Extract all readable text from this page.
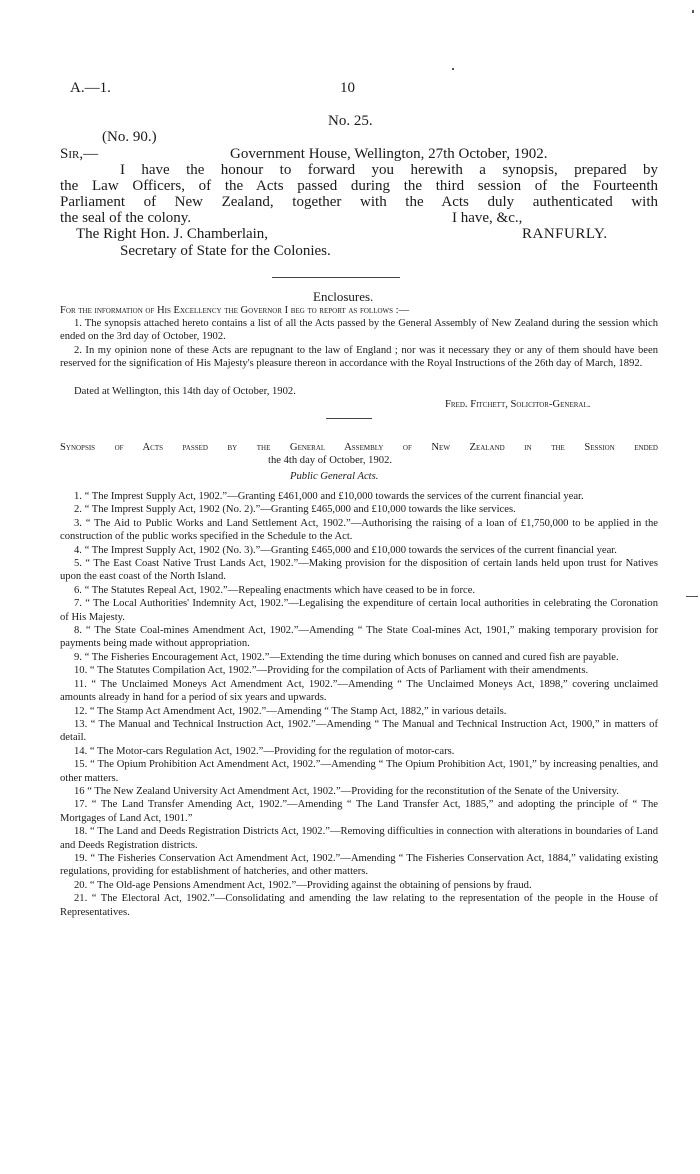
A.—1.	10
No. 25.
(No. 90.)
Sir,—	Government House, Wellington, 27th October, 1902.
I have the honour to forward you herewith a synopsis, prepared by
the Law Officers, of the Acts passed during the third session of the Fourteenth
Parliament of New Zealand, together with the Acts duly authenticated with
the seal of the colony.	I have, &c.,
The Right Hon. J. Chamberlain,	RANFURLY.
Secretary of State for the Colonies.
Enclosures.
For the information of His Excellency the Governor I beg to report as follows :—
1. The synopsis attached hereto contains a list of all the Acts passed by the General Assembly of New Zealand during the session which ended on the 3rd day of October, 1902.
2. In my opinion none of these Acts are repugnant to the law of England ; nor was it necessary they or any of them should have been reserved for the signification of His Majesty's pleasure thereon in accordance with the Royal Instructions of the 26th day of March, 1892.
Dated at Wellington, this 14th day of October, 1902.
Fred. Fitchett, Solicitor-General.
Synopsis of Acts passed by the General Assembly of New Zealand in the Session ended
the 4th day of October, 1902.
Public General Acts.
1. “ The Imprest Supply Act, 1902.”—Granting £461,000 and £10,000 towards the services of the current financial year.
2. “ The Imprest Supply Act, 1902 (No. 2).”—Granting £465,000 and £10,000 towards the like services.
3. “ The Aid to Public Works and Land Settlement Act, 1902.”—Authorising the raising of a loan of £1,750,000 to be applied in the construction of the public works specified in the Schedule to the Act.
4. “ The Imprest Supply Act, 1902 (No. 3).”—Granting £465,000 and £10,000 towards the services of the current financial year.
5. “ The East Coast Native Trust Lands Act, 1902.”—Making provision for the disposition of certain lands held upon trust for Natives upon the east coast of the North Island.
6. “ The Statutes Repeal Act, 1902.”—Repealing enactments which have ceased to be in force.
7. “ The Local Authorities' Indemnity Act, 1902.”—Legalising the expenditure of certain local authorities in celebrating the Coronation of His Majesty.
8. “ The State Coal-mines Amendment Act, 1902.”—Amending “ The State Coal-mines Act, 1901,” making temporary provision for payments being made without appropriation.
9. “ The Fisheries Encouragement Act, 1902.”—Extending the time during which bonuses on canned and cured fish are payable.
10. “ The Statutes Compilation Act, 1902.”—Providing for the compilation of Acts of Parliament with their amendments.
11. “ The Unclaimed Moneys Act Amendment Act, 1902.”—Amending “ The Unclaimed Moneys Act, 1898,” covering unclaimed amounts already in hand for a period of six years and upwards.
12. “ The Stamp Act Amendment Act, 1902.”—Amending “ The Stamp Act, 1882,” in various details.
13. “ The Manual and Technical Instruction Act, 1902.”—Amending “ The Manual and Technical Instruction Act, 1900,” in matters of detail.
14. “ The Motor-cars Regulation Act, 1902.”—Providing for the regulation of motor-cars.
15. “ The Opium Prohibition Act Amendment Act, 1902.”—Amending “ The Opium Prohibition Act, 1901,” by increasing penalties, and other matters.
16 “ The New Zealand University Act Amendment Act, 1902.”—Providing for the reconstitution of the Senate of the University.
17. “ The Land Transfer Amending Act, 1902.”—Amending “ The Land Transfer Act, 1885,” and adopting the principle of “ The Mortgages of Land Act, 1901.”
18. “ The Land and Deeds Registration Districts Act, 1902.”—Removing difficulties in connection with alterations in boundaries of Land and Deeds Registration districts.
19. “ The Fisheries Conservation Act Amendment Act, 1902.”—Amending “ The Fisheries Conservation Act, 1884,” validating existing regulations, providing for establishment of hatcheries, and other matters.
20. “ The Old-age Pensions Amendment Act, 1902.”—Providing against the obtaining of pensions by fraud.
21. “ The Electoral Act, 1902.”—Consolidating and amending the law relating to the representation of the people in the House of Representatives.
